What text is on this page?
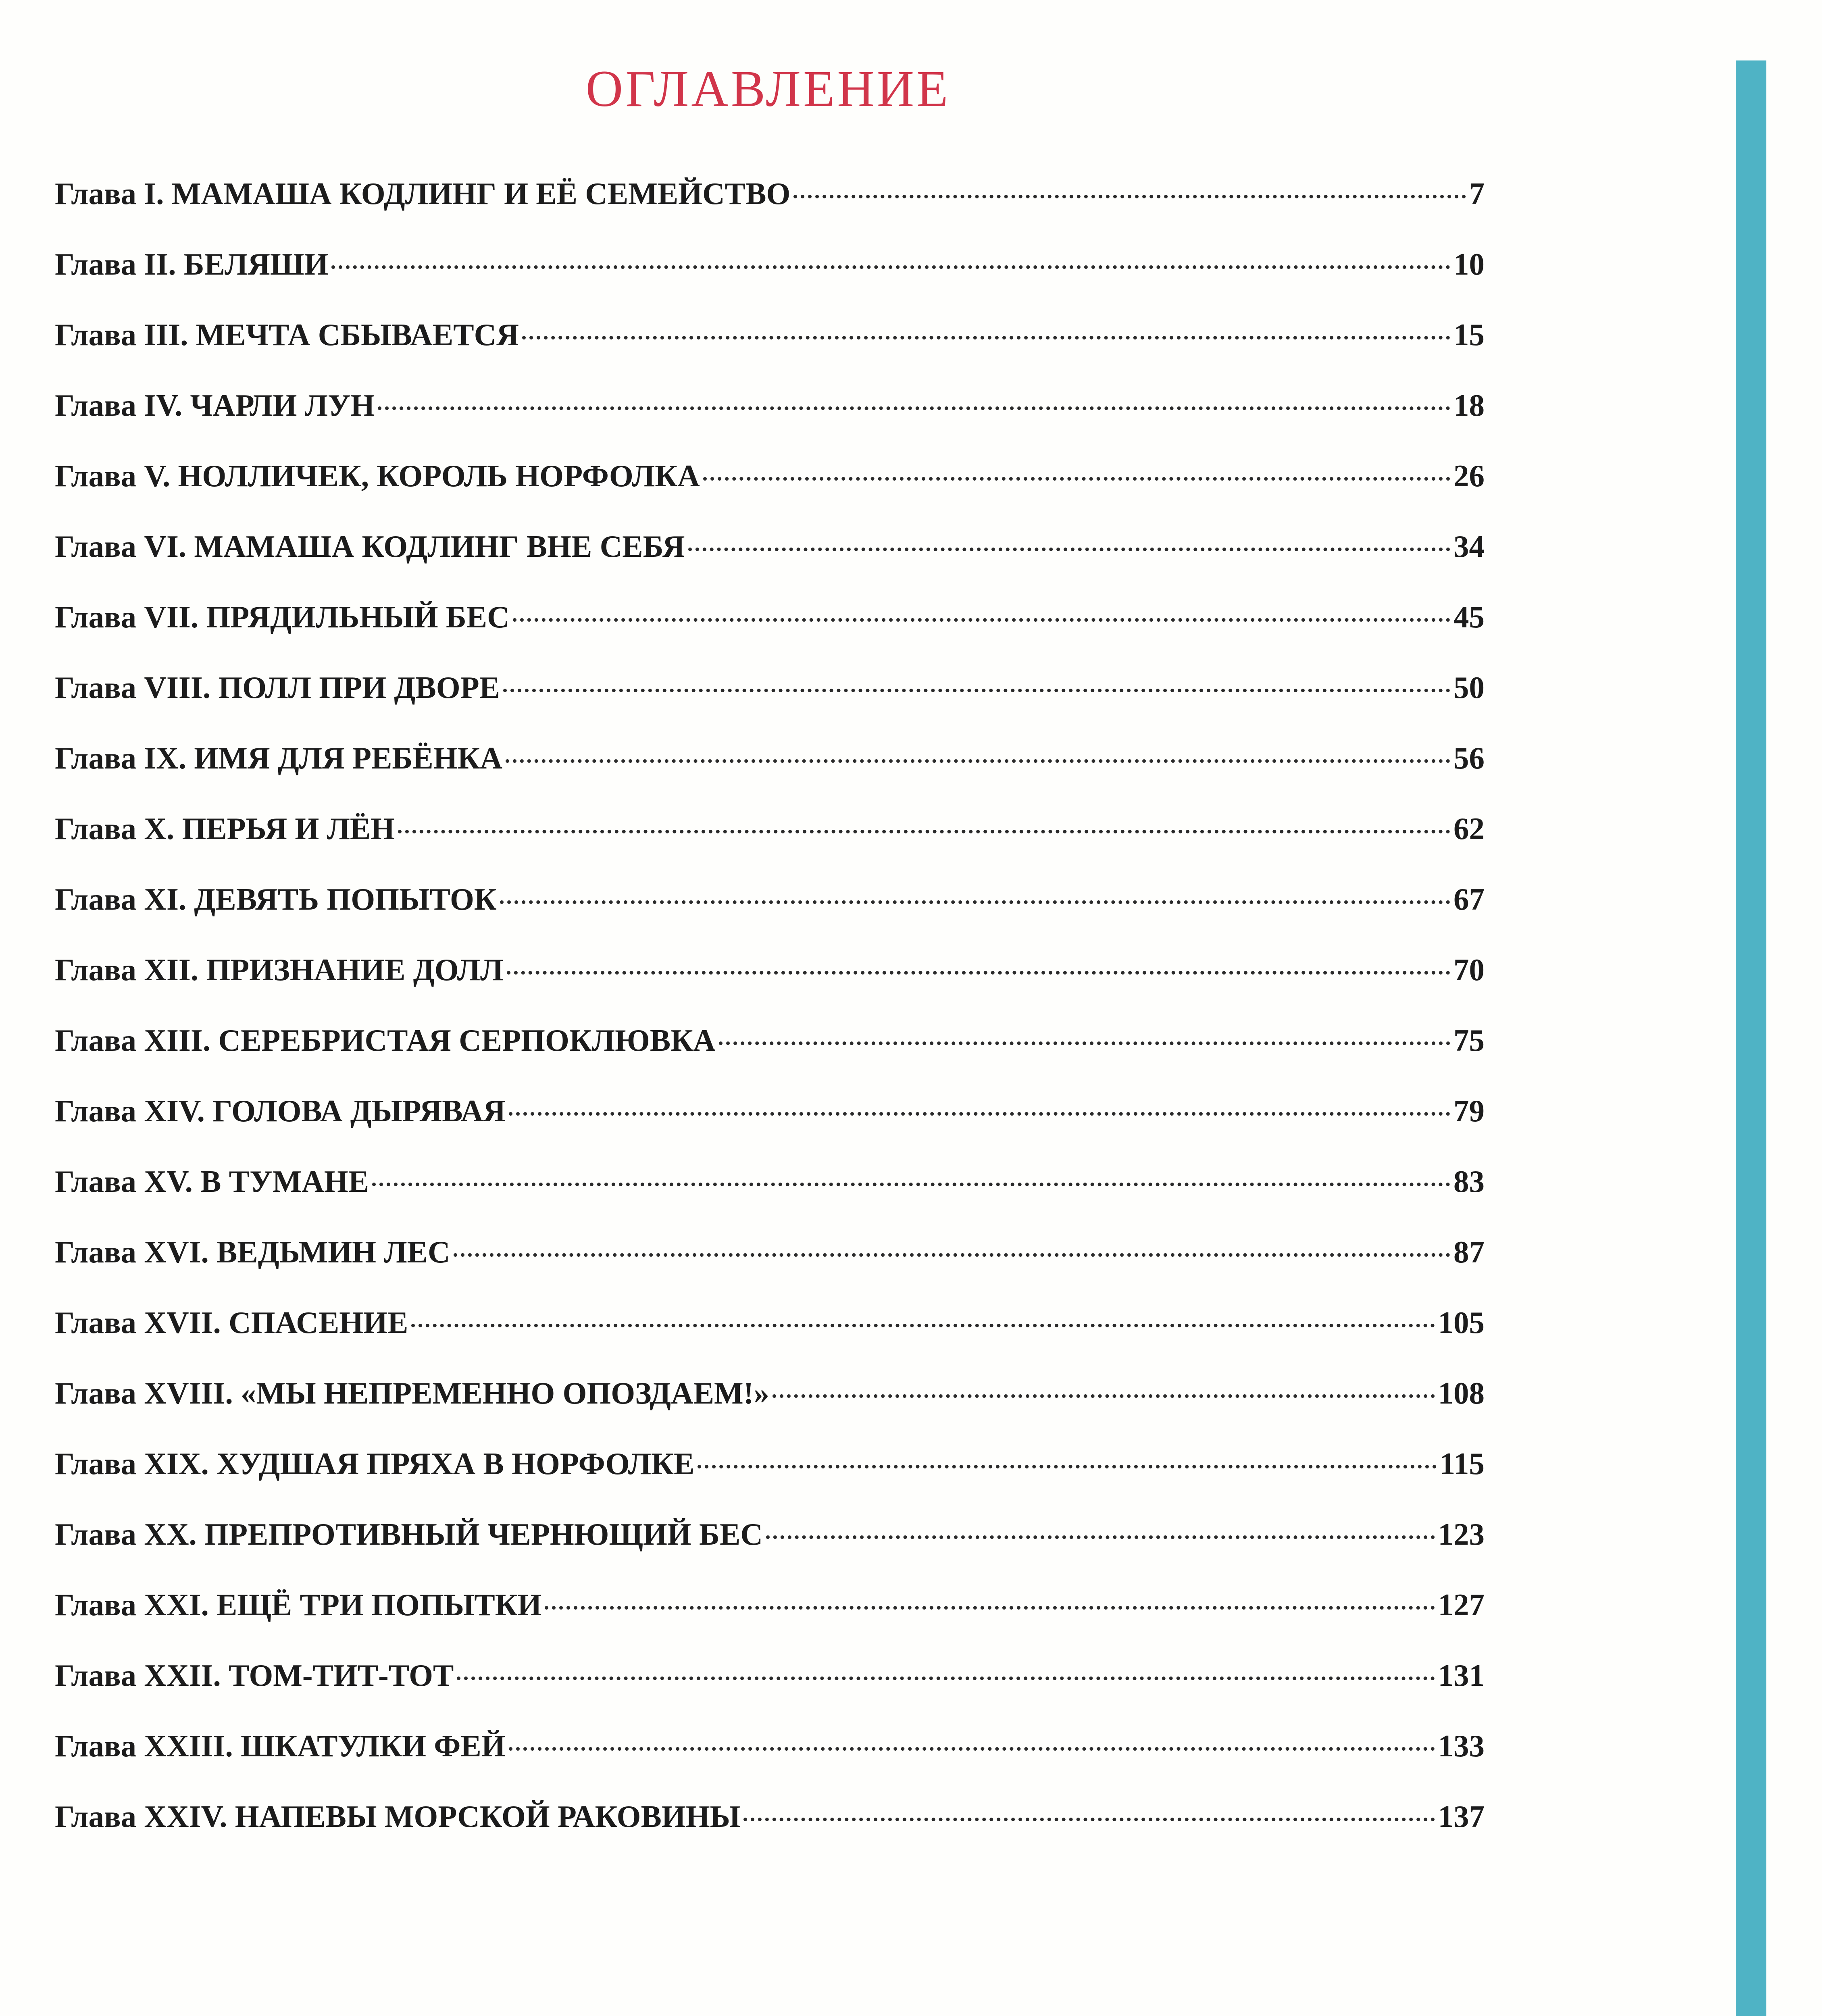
ОГЛАВЛЕНИЕ
Глава I. МАМАША КОДЛИНГ И ЕЁ СЕМЕЙСТВО	7
Глава II. БЕЛЯШИ	10
Глава III. МЕЧТА СБЫВАЕТСЯ	15
Глава IV. ЧАРЛИ ЛУН	18
Глава V. НОЛЛИЧЕК, КОРОЛЬ НОРФОЛКА	26
Глава VI. МАМАША КОДЛИНГ ВНЕ СЕБЯ	34
Глава VII. ПРЯДИЛЬНЫЙ БЕС	45
Глава VIII. ПОЛЛ ПРИ ДВОРЕ	50
Глава IX. ИМЯ ДЛЯ РЕБЁНКА	56
Глава X. ПЕРЬЯ И ЛЁН	62
Глава XI. ДЕВЯТЬ ПОПЫТОК	67
Глава XII. ПРИЗНАНИЕ ДОЛЛ	70
Глава XIII. СЕРЕБРИСТАЯ СЕРПОКЛЮВКА	75
Глава XIV. ГОЛОВА ДЫРЯВАЯ	79
Глава XV. В ТУМАНЕ	83
Глава XVI. ВЕДЬМИН ЛЕС	87
Глава XVII. СПАСЕНИЕ	105
Глава XVIII. «МЫ НЕПРЕМЕННО ОПОЗДАЕМ!»	108
Глава XIX. ХУДШАЯ ПРЯХА В НОРФОЛКЕ	115
Глава XX. ПРЕПРОТИВНЫЙ ЧЕРНЮЩИЙ БЕС	123
Глава XXI. ЕЩЁ ТРИ ПОПЫТКИ	127
Глава XXII. ТОМ-ТИТ-ТОТ	131
Глава XXIII. ШКАТУЛКИ ФЕЙ	133
Глава XXIV. НАПЕВЫ МОРСКОЙ РАКОВИНЫ	137
